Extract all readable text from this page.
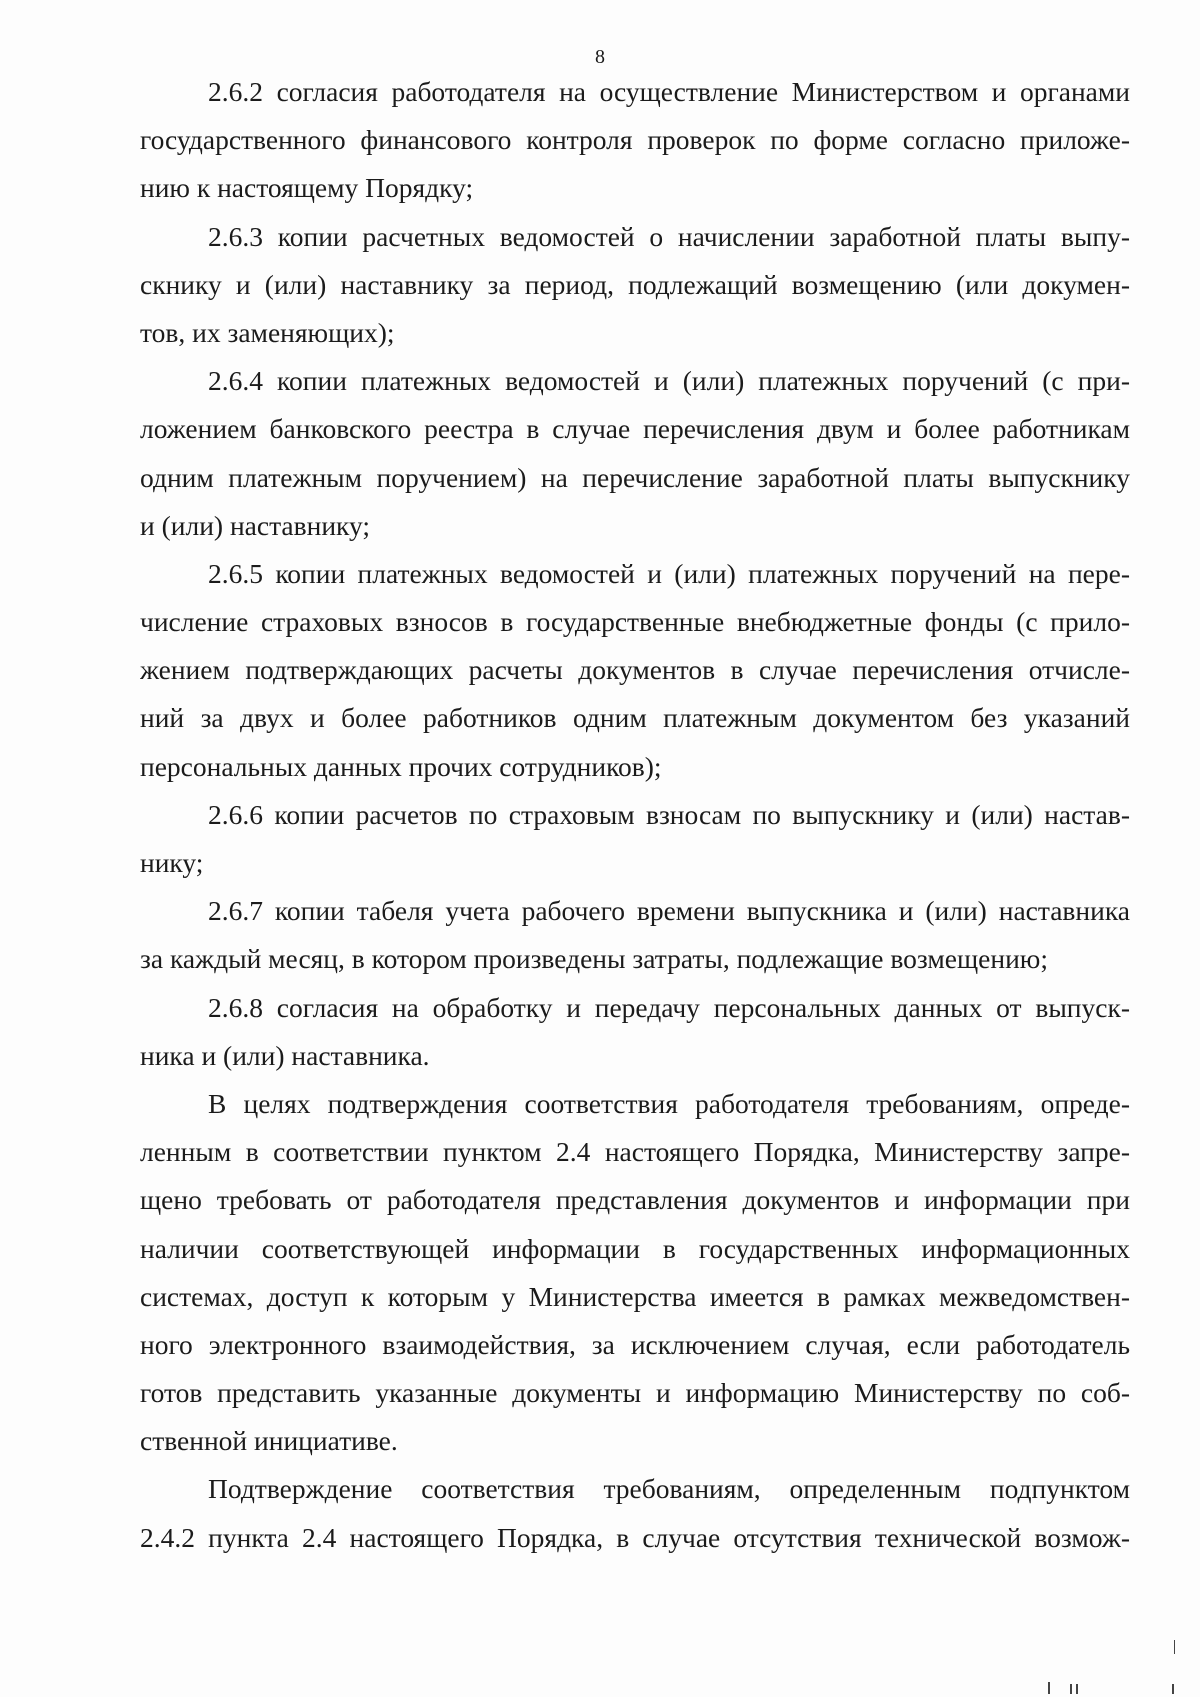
8
2.6.2 согласия работодателя на осуществление Министерством и органами
государственного финансового контроля проверок по форме согласно приложе-
нию к настоящему Порядку;
2.6.3 копии расчетных ведомостей о начислении заработной платы выпу-
скнику и (или) наставнику за период, подлежащий возмещению (или докумен-
тов, их заменяющих);
2.6.4 копии платежных ведомостей и (или) платежных поручений (с при-
ложением банковского реестра в случае перечисления двум и более работникам
одним платежным поручением) на перечисление заработной платы выпускнику
и (или) наставнику;
2.6.5 копии платежных ведомостей и (или) платежных поручений на пере-
числение страховых взносов в государственные внебюджетные фонды (с прило-
жением подтверждающих расчеты документов в случае перечисления отчисле-
ний за двух и более работников одним платежным документом без указаний
персональных данных прочих сотрудников);
2.6.6 копии расчетов по страховым взносам по выпускнику и (или) настав-
нику;
2.6.7 копии табеля учета рабочего времени выпускника и (или) наставника
за каждый месяц, в котором произведены затраты, подлежащие возмещению;
2.6.8 согласия на обработку и передачу персональных данных от выпуск-
ника и (или) наставника.
В целях подтверждения соответствия работодателя требованиям, опреде-
ленным в соответствии пунктом 2.4 настоящего Порядка, Министерству запре-
щено требовать от работодателя представления документов и информации при
наличии соответствующей информации в государственных информационных
системах, доступ к которым у Министерства имеется в рамках межведомствен-
ного электронного взаимодействия, за исключением случая, если работодатель
готов представить указанные документы и информацию Министерству по соб-
ственной инициативе.
Подтверждение соответствия требованиям, определенным подпунктом
2.4.2 пункта 2.4 настоящего Порядка, в случае отсутствия технической возмож-
